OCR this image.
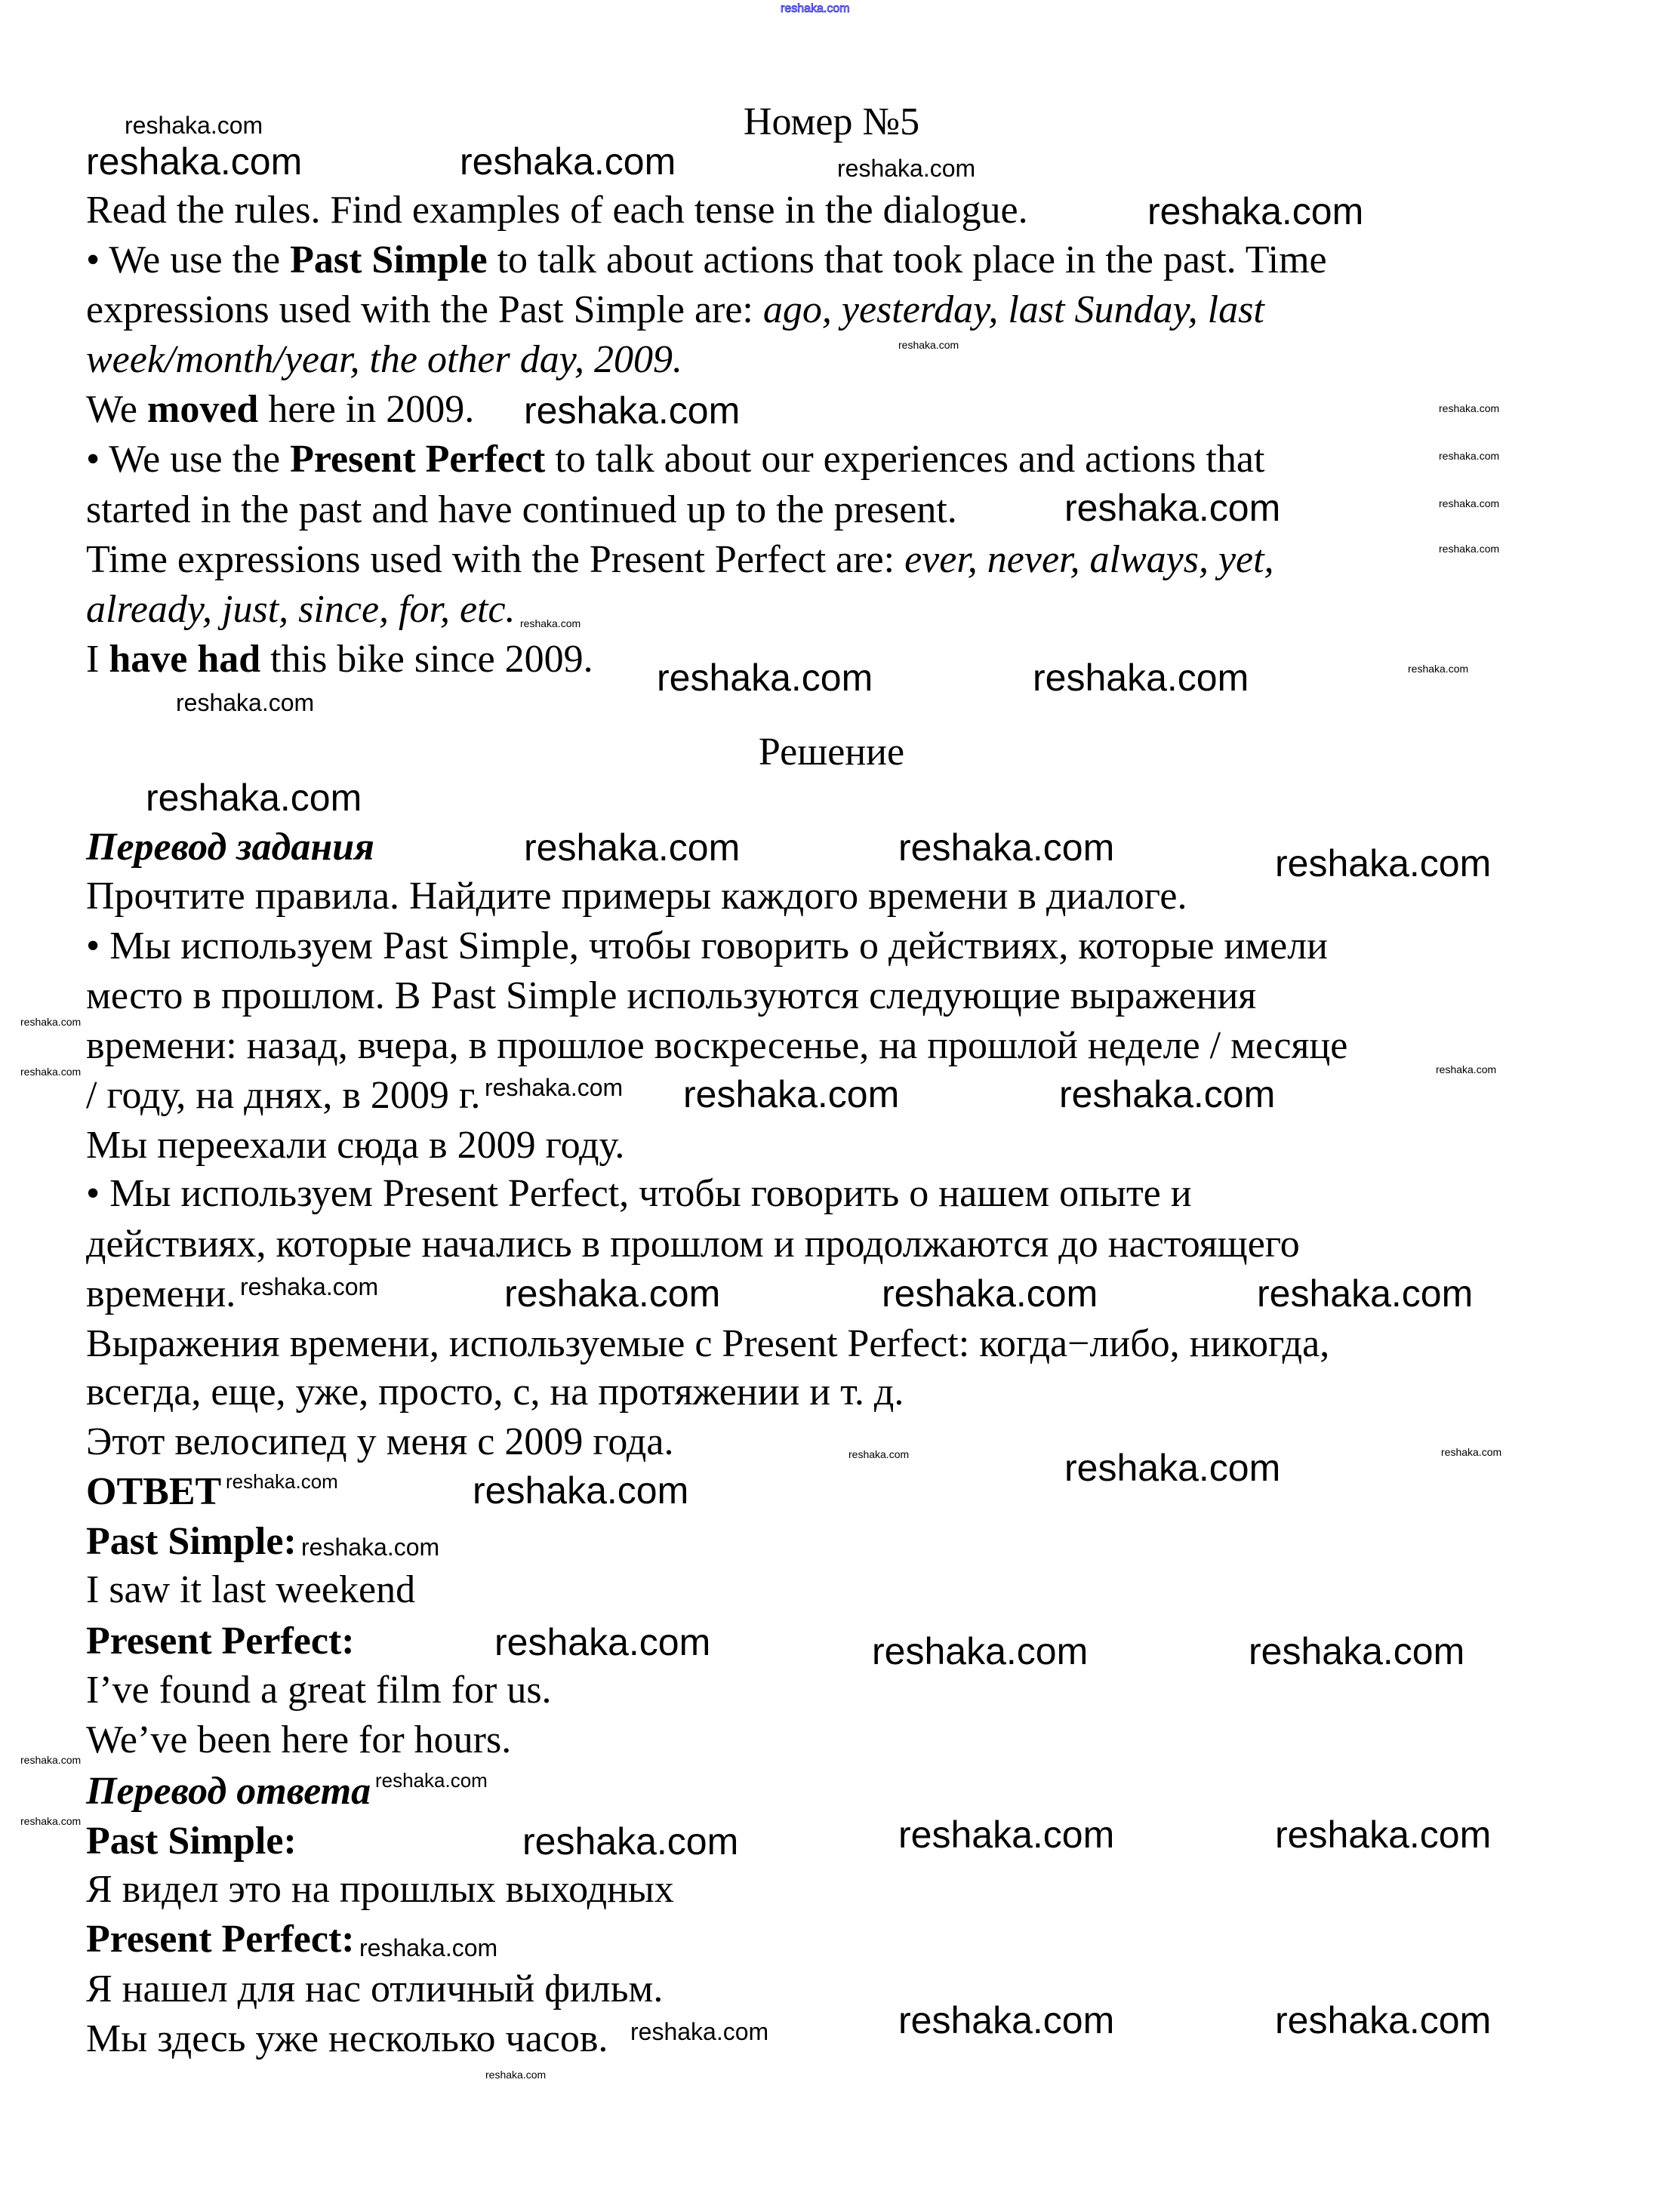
reshaka.com
Номер №5
Read the rules. Find examples of each tense in the dialogue.
• We use the Past Simple to talk about actions that took place in the past. Time
expressions used with the Past Simple are: ago, yesterday, last Sunday, last
week/month/year, the other day, 2009.
We moved here in 2009.
• We use the Present Perfect to talk about our experiences and actions that
started in the past and have continued up to the present.
Time expressions used with the Present Perfect are: ever, never, always, yet,
already, just, since, for, etc.
I have had this bike since 2009.
Решение
Перевод задания
Прочтите правила. Найдите примеры каждого времени в диалоге.
• Мы используем Past Simple, чтобы говорить о действиях, которые имели
место в прошлом. В Past Simple используются следующие выражения
времени: назад, вчера, в прошлое воскресенье, на прошлой неделе / месяце
/ году, на днях, в 2009 г.
Мы переехали сюда в 2009 году.
• Мы используем Present Perfect, чтобы говорить о нашем опыте и
действиях, которые начались в прошлом и продолжаются до настоящего
времени.
Выражения времени, используемые с Present Perfect: когда−либо, никогда,
всегда, еще, уже, просто, с, на протяжении и т. д.
Этот велосипед у меня с 2009 года.
ОТВЕТ
Past Simple:
I saw it last weekend
Present Perfect:
I’ve found a great film for us.
We’ve been here for hours.
Перевод ответа
Past Simple:
Я видел это на прошлых выходных
Present Perfect:
Я нашел для нас отличный фильм.
Мы здесь уже несколько часов.
reshaka.com	reshaka.com
reshaka.com
reshaka.com
reshaka.com
reshaka.com	reshaka.com
reshaka.com
reshaka.com	reshaka.com	reshaka.com
reshaka.com	reshaka.com
reshaka.com	reshaka.com	reshaka.com
reshaka.com
reshaka.com
reshaka.com	reshaka.com	reshaka.com
reshaka.com	reshaka.com	reshaka.com
reshaka.com	reshaka.com
reshaka.com
reshaka.com
reshaka.com
reshaka.com
reshaka.com
reshaka.com
reshaka.com
reshaka.com
reshaka.com
reshaka.com
reshaka.com
reshaka.com
reshaka.com
reshaka.com
reshaka.com
reshaka.com
reshaka.com
reshaka.com
reshaka.com	reshaka.com
reshaka.com	reshaka.com
reshaka.com
reshaka.com
reshaka.com
